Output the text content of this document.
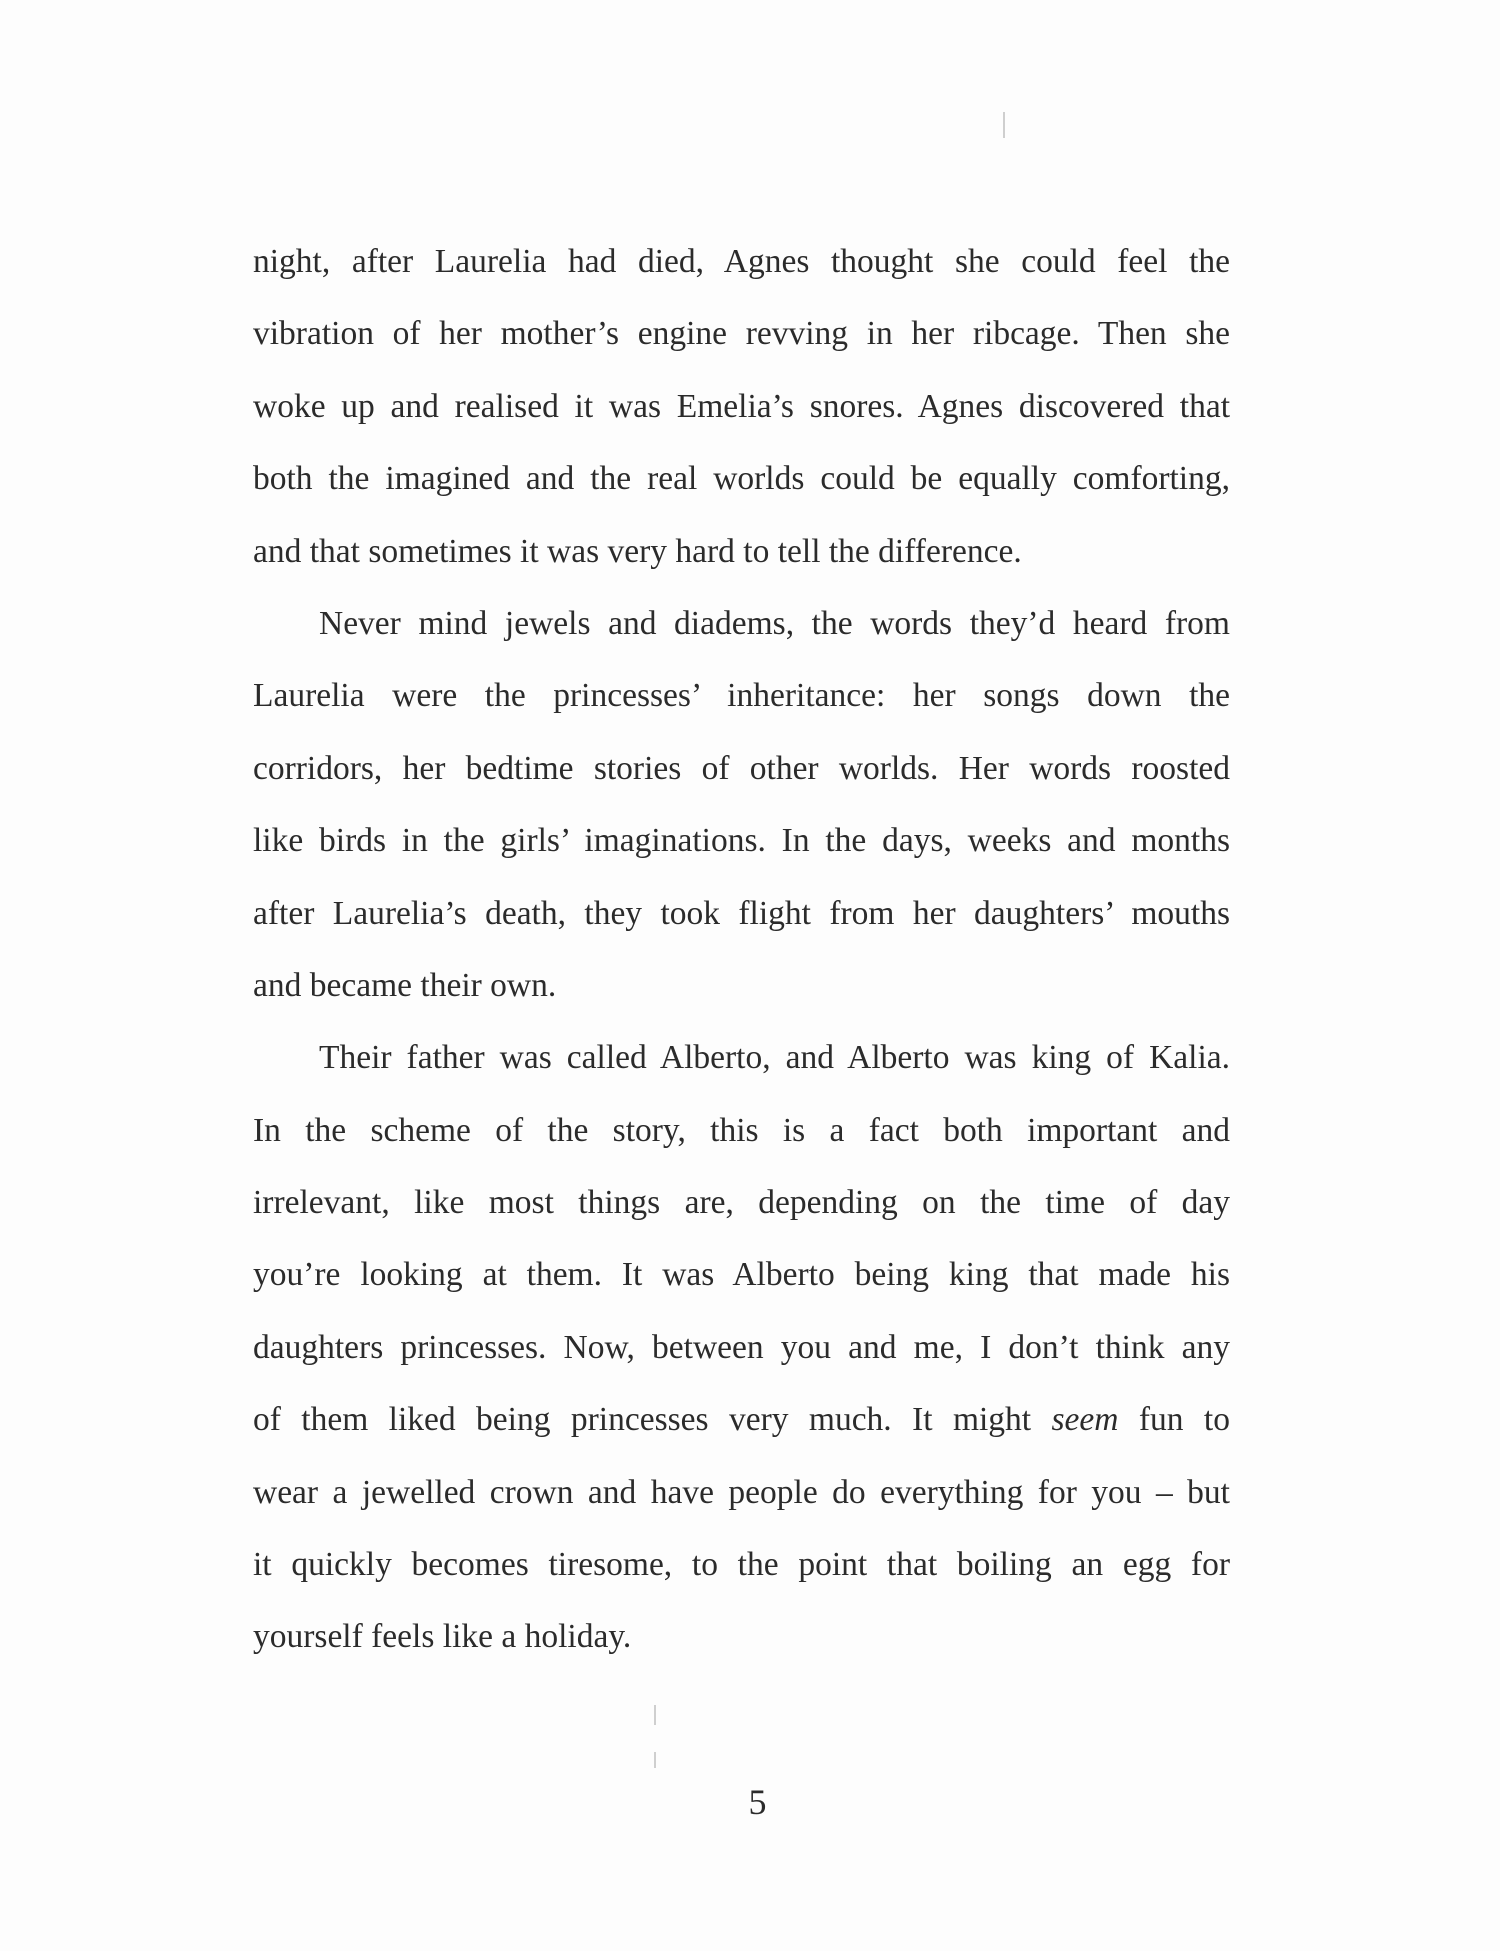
night, after Laurelia had died, Agnes thought she could feel the
vibration of her mother’s engine revving in her ribcage. Then she
woke up and realised it was Emelia’s snores. Agnes discovered that
both the imagined and the real worlds could be equally comforting,
and that sometimes it was very hard to tell the difference.
Never mind jewels and diadems, the words they’d heard from
Laurelia were the princesses’ inheritance: her songs down the
corridors, her bedtime stories of other worlds. Her words roosted
like birds in the girls’ imaginations. In the days, weeks and months
after Laurelia’s death, they took flight from her daughters’ mouths
and became their own.
Their father was called Alberto, and Alberto was king of Kalia.
In the scheme of the story, this is a fact both important and
irrelevant, like most things are, depending on the time of day
you’re looking at them. It was Alberto being king that made his
daughters princesses. Now, between you and me, I don’t think any
of them liked being princesses very much. It might seem fun to
wear a jewelled crown and have people do everything for you – but
it quickly becomes tiresome, to the point that boiling an egg for
yourself feels like a holiday.
5
